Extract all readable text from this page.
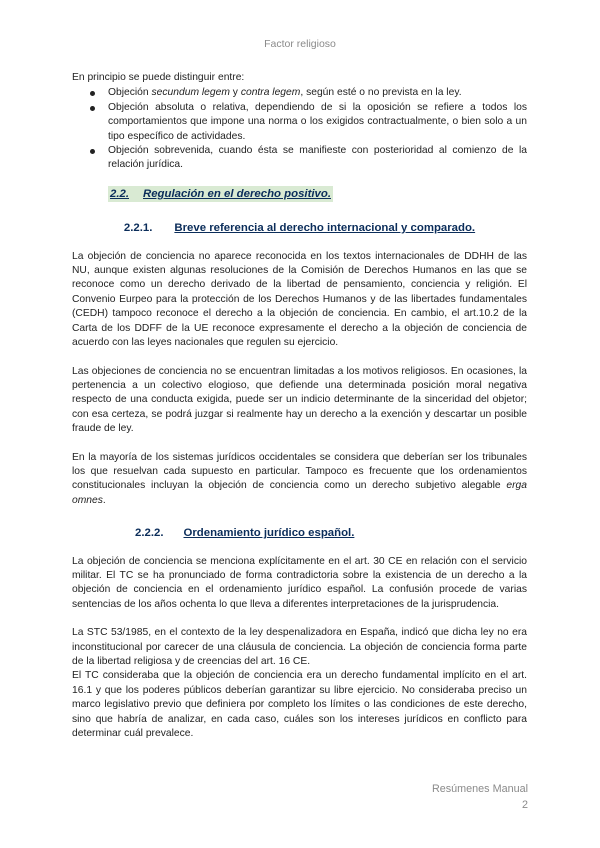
Factor religioso

En principio se puede distinguir entre:

Objeción secundum legem y contra legem, según esté o no prevista en la ley.
Objeción absoluta o relativa, dependiendo de si la oposición se refiere a todos los comportamientos que impone una norma o los exigidos contractualmente, o bien solo a un tipo específico de actividades.
Objeción sobrevenida, cuando ésta se manifieste con posterioridad al comienzo de la relación jurídica.
2.2. Regulación en el derecho positivo.
2.2.1. Breve referencia al derecho internacional y comparado.

La objeción de conciencia no aparece reconocida en los textos internacionales de DDHH de las NU, aunque existen algunas resoluciones de la Comisión de Derechos Humanos en las que se reconoce como un derecho derivado de la libertad de pensamiento, conciencia y religión. El Convenio Eurpeo para la protección de los Derechos Humanos y de las libertades fundamentales (CEDH) tampoco reconoce el derecho a la objeción de conciencia. En cambio, el art.10.2 de la Carta de los DDFF de la UE reconoce expresamente el derecho a la objeción de conciencia de acuerdo con las leyes nacionales que regulen su ejercicio.

Las objeciones de conciencia no se encuentran limitadas a los motivos religiosos. En ocasiones, la pertenencia a un colectivo elogioso, que defiende una determinada posición moral negativa respecto de una conducta exigida, puede ser un indicio determinante de la sinceridad del objetor; con esa certeza, se podrá juzgar si realmente hay un derecho a la exención y descartar un posible fraude de ley.

En la mayoría de los sistemas jurídicos occidentales se considera que deberían ser los tribunales los que resuelvan cada supuesto en particular. Tampoco es frecuente que los ordenamientos constitucionales incluyan la objeción de conciencia como un derecho subjetivo alegable erga omnes.

2.2.2. Ordenamiento jurídico español.

La objeción de conciencia se menciona explícitamente en el art. 30 CE en relación con el servicio militar. El TC se ha pronunciado de forma contradictoria sobre la existencia de un derecho a la objeción de conciencia en el ordenamiento jurídico español. La confusión procede de varias sentencias de los años ochenta lo que lleva a diferentes interpretaciones de la jurisprudencia.

La STC 53/1985, en el contexto de la ley despenalizadora en España, indicó que dicha ley no era inconstitucional por carecer de una cláusula de conciencia. La objeción de conciencia forma parte de la libertad religiosa y de creencias del art. 16 CE.

El TC consideraba que la objeción de conciencia era un derecho fundamental implícito en el art. 16.1 y que los poderes públicos deberían garantizar su libre ejercicio. No consideraba preciso un marco legislativo previo que definiera por completo los límites o las condiciones de este derecho, sino que habría de analizar, en cada caso, cuáles son los intereses jurídicos en conflicto para determinar cuál prevalece.

Resúmenes Manual
2
